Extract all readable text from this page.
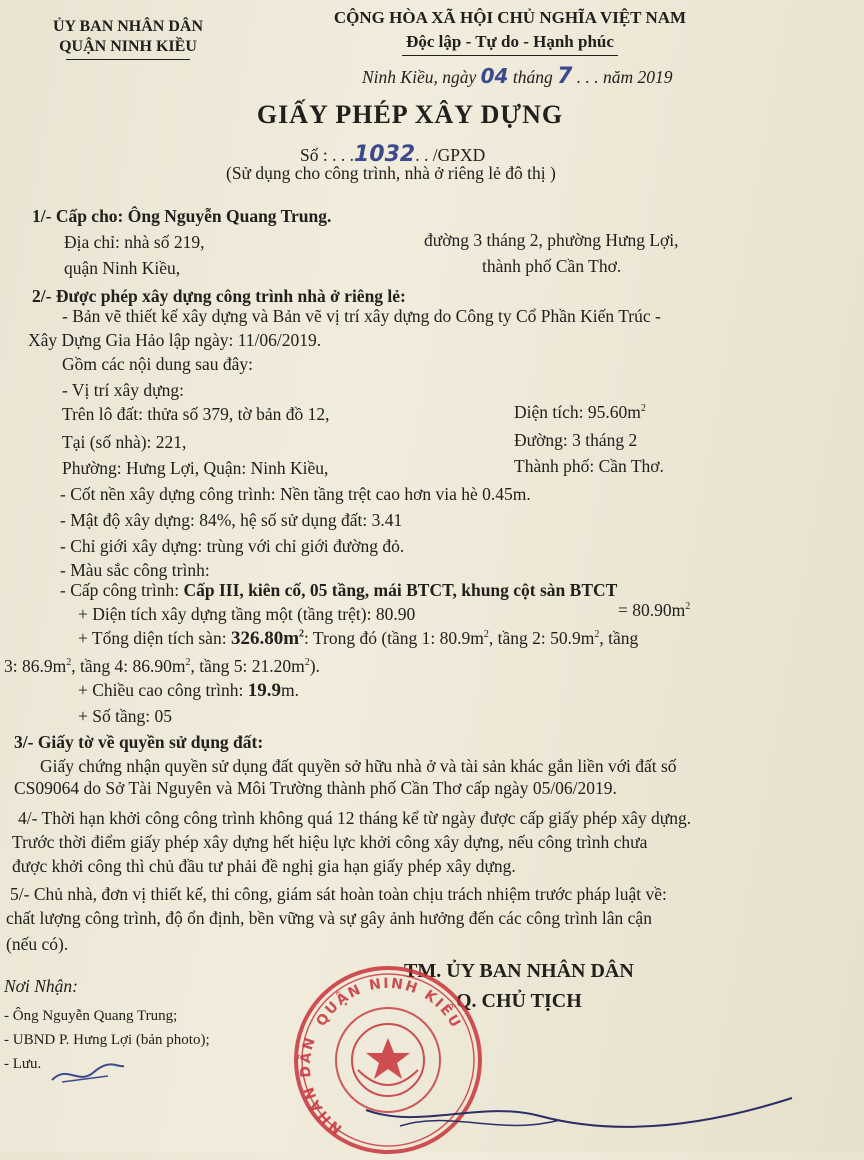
ỦY BAN NHÂN DÂN
QUẬN NINH KIỀU
CỘNG HÒA XÃ HỘI CHỦ NGHĨA VIỆT NAM
Độc lập - Tự do - Hạnh phúc
Ninh Kiều, ngày 04 tháng 7 . . . năm 2019
GIẤY PHÉP XÂY DỰNG
Số : . . .1032. . /GPXD
(Sử dụng cho công trình, nhà ở riêng lẻ đô thị )
1/- Cấp cho: Ông Nguyễn Quang Trung.
Địa chỉ: nhà số 219,	đường 3 tháng 2, phường Hưng Lợi,
quận Ninh Kiều,	thành phố Cần Thơ.
2/- Được phép xây dựng công trình nhà ở riêng lẻ:
- Bản vẽ thiết kế xây dựng và Bản vẽ vị trí xây dựng do Công ty Cổ Phần Kiến Trúc -
Xây Dựng Gia Hảo lập ngày: 11/06/2019.
Gồm các nội dung sau đây:
- Vị trí xây dựng:
Trên lô đất: thửa số 379, tờ bản đồ 12,	Diện tích: $95.60m^2$
Tại (số nhà): 221,	Đường: 3 tháng 2
Phường: Hưng Lợi, Quận: Ninh Kiều,	Thành phố: Cần Thơ.
- Cốt nền xây dựng công trình: Nền tầng trệt cao hơn via hè 0.45m.
- Mật độ xây dựng: 84%, hệ số sử dụng đất: 3.41
- Chỉ giới xây dựng: trùng với chỉ giới đường đỏ.
- Màu sắc công trình:
- Cấp công trình: Cấp III, kiên cố, 05 tầng, mái BTCT, khung cột sàn BTCT
+ Diện tích xây dựng tầng một (tầng trệt): 80.90	= $80.90m^2$
+ Tổng diện tích sàn: $326.80m^2$: Trong đó (tầng 1: $80.9m^2$, tầng 2: $50.9m^2$, tầng
3: $86.9m^2$, tầng 4: $86.90m^2$, tầng 5: $21.20m^2$).
+ Chiều cao công trình: 19.9m.
+ Số tầng: 05
3/- Giấy tờ về quyền sử dụng đất:
Giấy chứng nhận quyền sử dụng đất quyền sở hữu nhà ở và tài sản khác gắn liền với đất số
CS09064 do Sở Tài Nguyên và Môi Trường thành phố Cần Thơ cấp ngày 05/06/2019.
4/- Thời hạn khởi công công trình không quá 12 tháng kể từ ngày được cấp giấy phép xây dựng.
Trước thời điểm giấy phép xây dựng hết hiệu lực khởi công xây dựng, nếu công trình chưa
được khởi công thì chủ đầu tư phải đề nghị gia hạn giấy phép xây dựng.
5/- Chủ nhà, đơn vị thiết kế, thi công, giám sát hoàn toàn chịu trách nhiệm trước pháp luật về:
chất lượng công trình, độ ổn định, bền vững và sự gây ảnh hưởng đến các công trình lân cận
(nếu có).
TM. ỦY BAN NHÂN DÂN
Q. CHỦ TỊCH
Nơi Nhận:
- Ông Nguyễn Quang Trung;
- UBND P. Hưng Lợi (bản photo);
- Lưu.
QUẬN NINH KIỀU
NHÂN DÂN
